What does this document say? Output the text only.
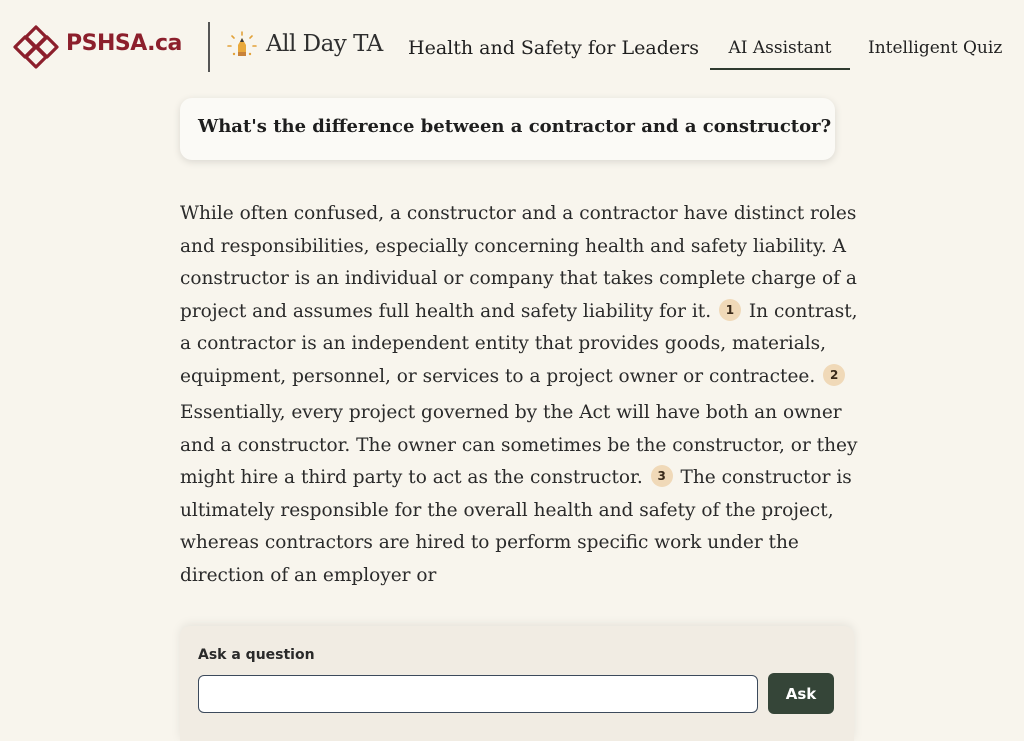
PSHSA.ca	All Day TA Health and Safety for Leaders	AI Assistant	Intelligent Quiz
What's the difference between a contractor and a constructor?

While often confused, a constructor and a contractor have distinct roles and responsibilities, especially concerning health and safety liability. A constructor is an individual or company that takes complete charge of a project and assumes full health and safety liability for it. 1 In contrast, a contractor is an independent entity that provides goods, materials, equipment, personnel, or services to a project owner or contractee. 2

Essentially, every project governed by the Act will have both an owner and a constructor. The owner can sometimes be the constructor, or they might hire a third party to act as the constructor. 3 The constructor is ultimately responsible for the overall health and safety of the project, whereas contractors are hired to perform specific work under the direction of an employer or

Ask a question
Ask
